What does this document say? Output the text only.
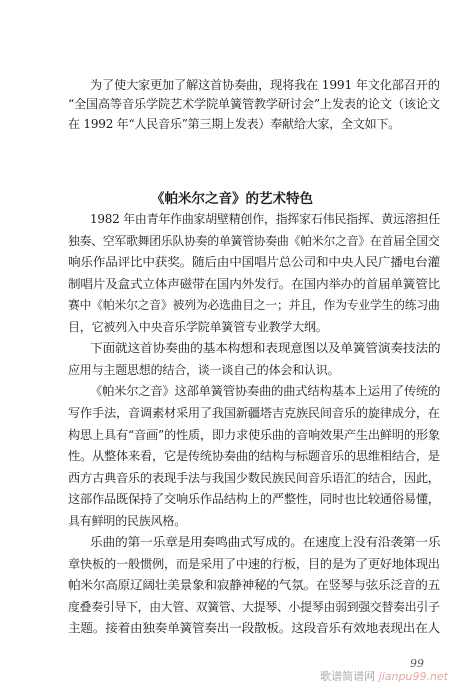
为了使大家更加了解这首协奏曲，现将我在 1991 年文化部召开的
“全国高等音乐学院艺术学院单簧管教学研讨会”上发表的论文（该论文
在 1992 年“人民音乐”第三期上发表）奉献给大家，全文如下。
《帕米尔之音》的艺术特色
1982 年由青年作曲家胡壁精创作，指挥家石伟民指挥、黄远溶担任
独奏、空军歌舞团乐队协奏的单簧管协奏曲《帕米尔之音》在首届全国交
响乐作品评比中获奖。随后由中国唱片总公司和中央人民广播电台灌
制唱片及盒式立体声磁带在国内外发行。在国内举办的首届单簧管比
赛中《帕米尔之音》被列为必选曲目之一；并且，作为专业学生的练习曲
目，它被列入中央音乐学院单簧管专业教学大纲。
下面就这首协奏曲的基本构想和表现意图以及单簧管演奏技法的
应用与主题思想的结合，谈一谈自己的体会和认识。
《帕米尔之音》这部单簧管协奏曲的曲式结构基本上运用了传统的
写作手法，音调素材采用了我国新疆塔吉克族民间音乐的旋律成分，在
构思上具有“音画”的性质，即力求使乐曲的音响效果产生出鲜明的形象
性。从整体来看，它是传统协奏曲的结构与标题音乐的思维相结合，是
西方古典音乐的表现手法与我国少数民族民间音乐语汇的结合，因此，
这部作品既保持了交响乐作品结构上的严整性，同时也比较通俗易懂，
具有鲜明的民族风格。
乐曲的第一乐章是用奏鸣曲式写成的。在速度上没有沿袭第一乐
章快板的一般惯例，而是采用了中速的行板，目的是为了更好地体现出
帕米尔高原辽阔壮美景象和寂静神秘的气氛。在竖琴与弦乐泛音的五
度叠奏引导下，由大管、双簧管、大提琴、小提琴由弱到强交替奏出引子
主题。接着由独奏单簧管奏出一段散板。这段音乐有效地表现出在人
99
歌谱简谱网 jianpu99.net
